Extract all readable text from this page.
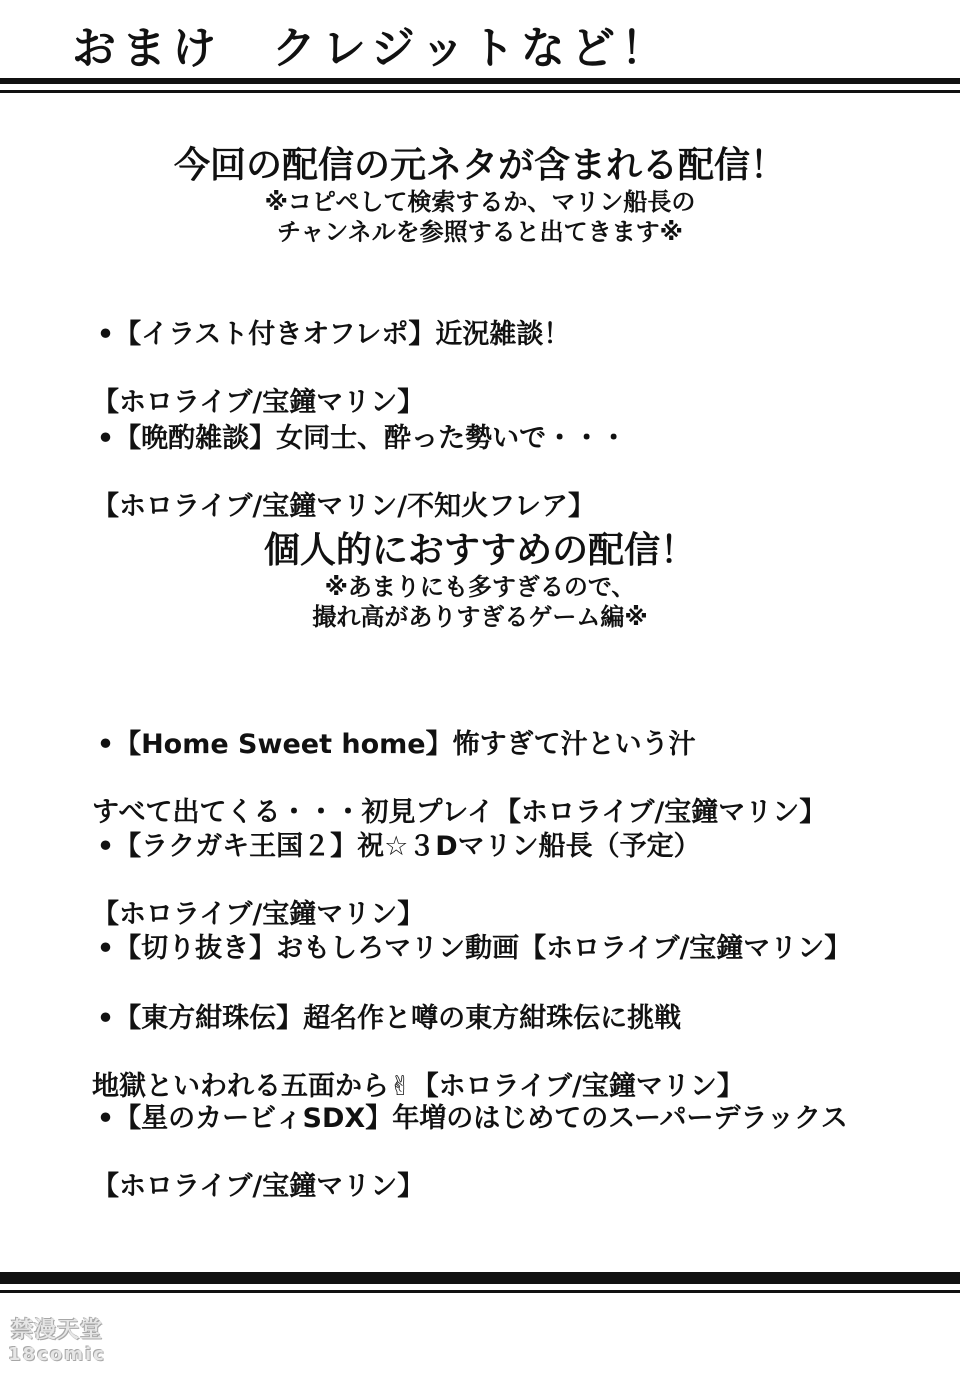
おまけ　クレジットなど！
今回の配信の元ネタが含まれる配信！
※コピペして検索するか、マリン船長の
チャンネルを参照すると出てきます※

•【イラスト付きオフレポ】近況雑談！

【ホロライブ/宝鐘マリン】

•【晩酌雑談】女同士、酔った勢いで・・・

【ホロライブ/宝鐘マリン/不知火フレア】

個人的におすすめの配信！
※あまりにも多すぎるので、
撮れ高がありすぎるゲーム編※

•【Home Sweet home】怖すぎて汁という汁

すべて出てくる・・・初見プレイ【ホロライブ/宝鐘マリン】

•【ラクガキ王国２】祝☆３Dマリン船長（予定）

【ホロライブ/宝鐘マリン】

•【切り抜き】おもしろマリン動画【ホロライブ/宝鐘マリン】

•【東方紺珠伝】超名作と噂の東方紺珠伝に挑戦

地獄といわれる五面から✌【ホロライブ/宝鐘マリン】

•【星のカービィSDX】年増のはじめてのスーパーデラックス

【ホロライブ/宝鐘マリン】

禁漫天堂
18comic
